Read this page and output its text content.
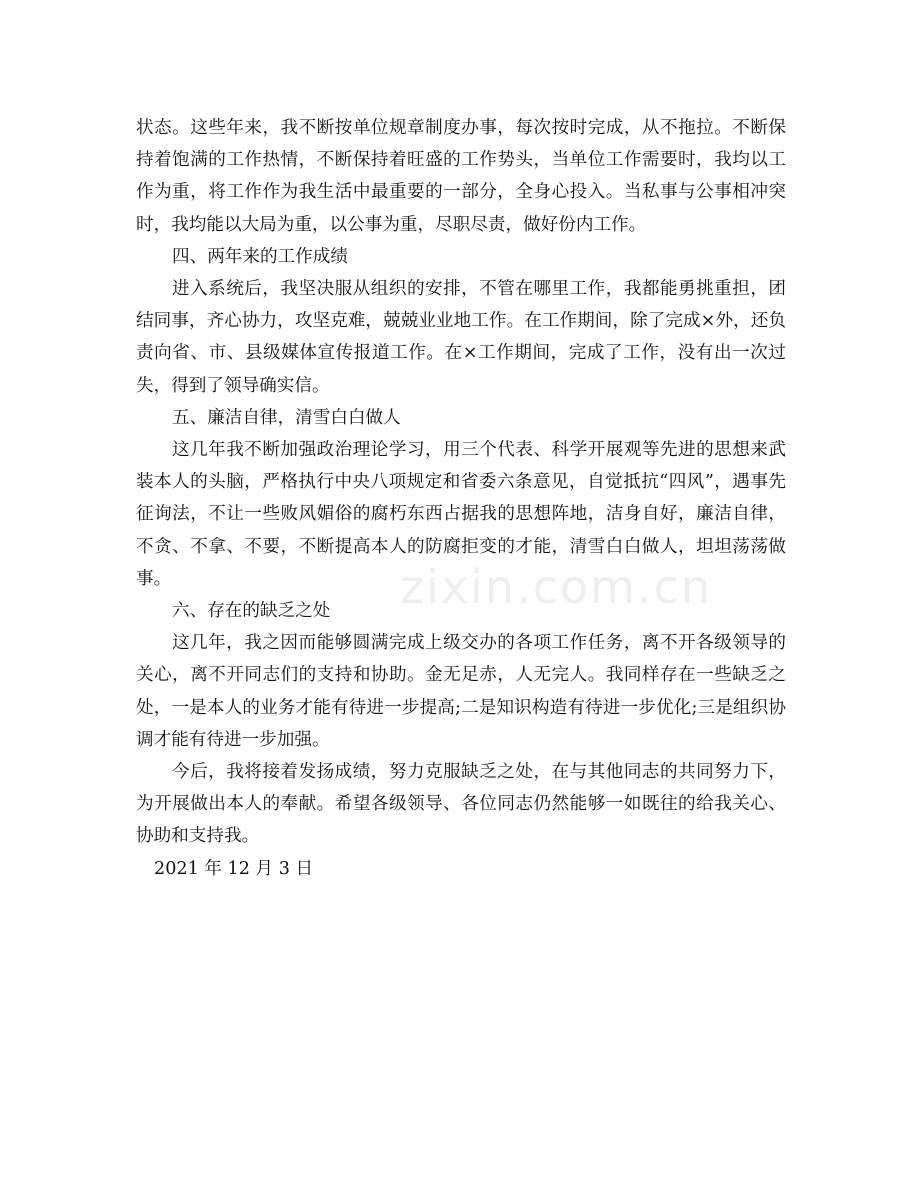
zixin.com.cn

状态。这些年来，我不断按单位规章制度办事，每次按时完成，从不拖拉。不断保持着饱满的工作热情，不断保持着旺盛的工作势头，当单位工作需要时，我均以工作为重，将工作作为我生活中最重要的一部分，全身心投入。当私事与公事相冲突时，我均能以大局为重，以公事为重，尽职尽责，做好份内工作。

四、两年来的工作成绩

进入系统后，我坚决服从组织的安排，不管在哪里工作，我都能勇挑重担，团结同事，齐心协力，攻坚克难，兢兢业业地工作。在工作期间，除了完成×外，还负责向省、市、县级媒体宣传报道工作。在×工作期间，完成了工作，没有出一次过失，得到了领导确实信。

五、廉洁自律，清雪白白做人

这几年我不断加强政治理论学习，用三个代表、科学开展观等先进的思想来武装本人的头脑，严格执行中央八项规定和省委六条意见，自觉抵抗“四风”，遇事先征询法，不让一些败风媚俗的腐朽东西占据我的思想阵地，洁身自好，廉洁自律，不贪、不拿、不要，不断提高本人的防腐拒变的才能，清雪白白做人，坦坦荡荡做事。

六、存在的缺乏之处

这几年，我之因而能够圆满完成上级交办的各项工作任务，离不开各级领导的关心，离不开同志们的支持和协助。金无足赤，人无完人。我同样存在一些缺乏之处，一是本人的业务才能有待进一步提高;二是知识构造有待进一步优化;三是组织协调才能有待进一步加强。

今后，我将接着发扬成绩，努力克服缺乏之处，在与其他同志的共同努力下，为开展做出本人的奉献。希望各级领导、各位同志仍然能够一如既往的给我关心、协助和支持我。

2021 年 12 月 3 日
